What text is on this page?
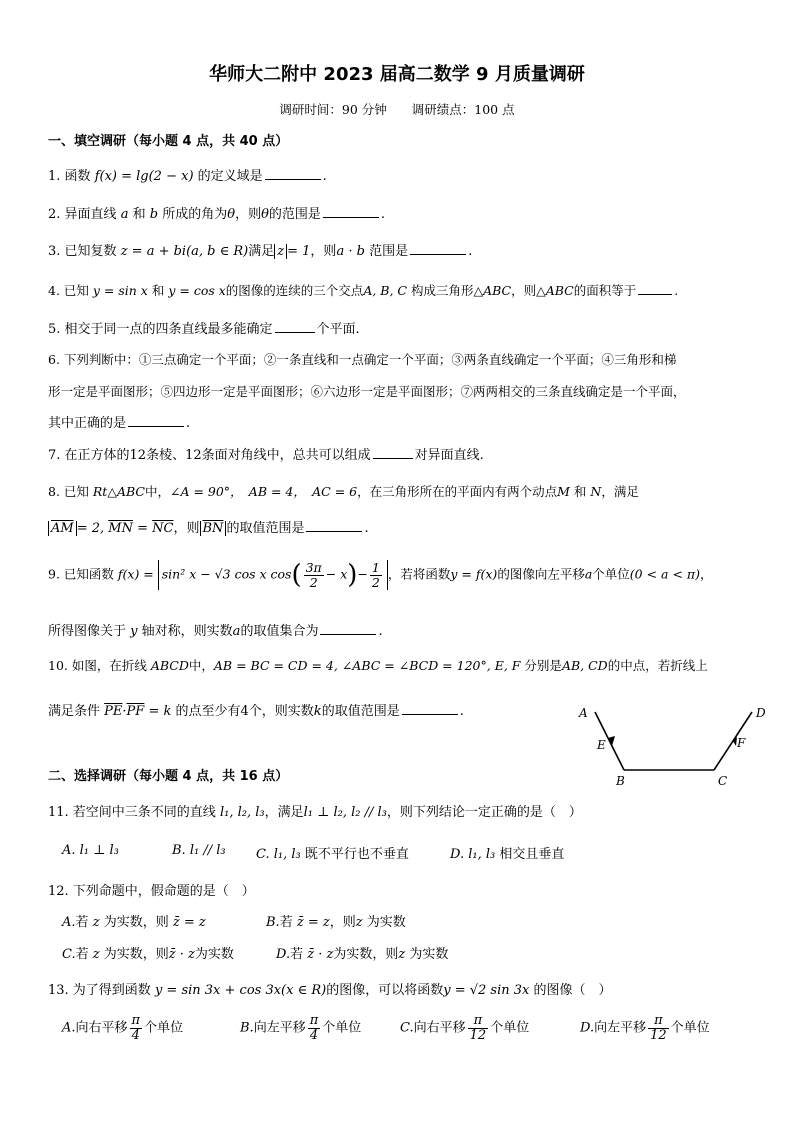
华师大二附中 2023 届高二数学 9 月质量调研
调研时间：90 分钟　　调研绩点：100 点
一、填空调研（每小题 4 点，共 40 点）
1. 函数 f(x) = lg(2 − x) 的定义域是	.
2. 异面直线 a 和 b 所成的角为θ，则θ的范围是	.
3. 已知复数 z = a + bi(a, b ∈ R)满足 z = 1，则a · b 范围是	.
4. 已知 y = sin x 和 y = cos x的图像的连续的三个交点A, B, C 构成三角形△ABC，则△ABC的面积等于	.
5. 相交于同一点的四条直线最多能确定	个平面.
6. 下列判断中：①三点确定一个平面；②一条直线和一点确定一个平面；③两条直线确定一个平面；④三角形和梯
形一定是平面图形；⑤四边形一定是平面图形；⑥六边形一定是平面图形；⑦两两相交的三条直线确定是一个平面，
其中正确的是	.
7. 在正方体的12条棱、12条面对角线中，总共可以组成	对异面直线.
8. 已知 Rt△ABC中，∠A = 90°，　AB = 4，　AC = 6，在三角形所在的平面内有两个动点M 和 N，满足
$\overline{AM} = 2$, $\overline{MN} = \overline{NC}$，则 $\overline{BN}$ 的取值范围是	.
9. 已知函数 f(x) = sin² x − √3 cos x $\cos( \frac{3\pi}{2} - x)- \frac{1}{2}$ ，若将函数y = f(x)的图像向左平移a个单位(0 < a < π)，
所得图像关于 y 轴对称，则实数a的取值集合为	.
10. 如图，在折线 ABCD中，AB = BC = CD = 4, ∠ABC = ∠BCD = 120°, E, F 分别是AB, CD的中点，若折线上
满足条件 $\overline{PE}\cdot\overline{PF} = k$ 的点至少有4个，则实数k的取值范围是	.	A
B	C
D
E	F
二、选择调研（每小题 4 点，共 16 点）
11. 若空间中三条不同的直线 l₁, l₂, l₃，满足l₁ ⊥ l₂, l₂ // l₃，则下列结论一定正确的是（　）
A. l₁ ⊥ l₃	B. l₁ // l₃ C. l₁, l₃ 既不平行也不垂直	D. l₁, l₃ 相交且垂直
12. 下列命题中，假命题的是（　）
A.若 z 为实数，则 z̄ = z	B.若 z̄ = z，则z 为实数
C.若 z 为实数，则z̄ · z为实数	D.若 z̄ · z为实数，则z 为实数
13. 为了得到函数 y = sin 3x + cos 3x(x ∈ R)的图像，可以将函数y = √2 sin 3x 的图像（　）
A.向右平移 $\frac{\pi}{4}$ 个单位	B.向左平移 $\frac{\pi}{4}$ 个单位	C.向右平移 $\frac{\pi}{12}$ 个单位	D.向左平移 $\frac{\pi}{12}$ 个单位
